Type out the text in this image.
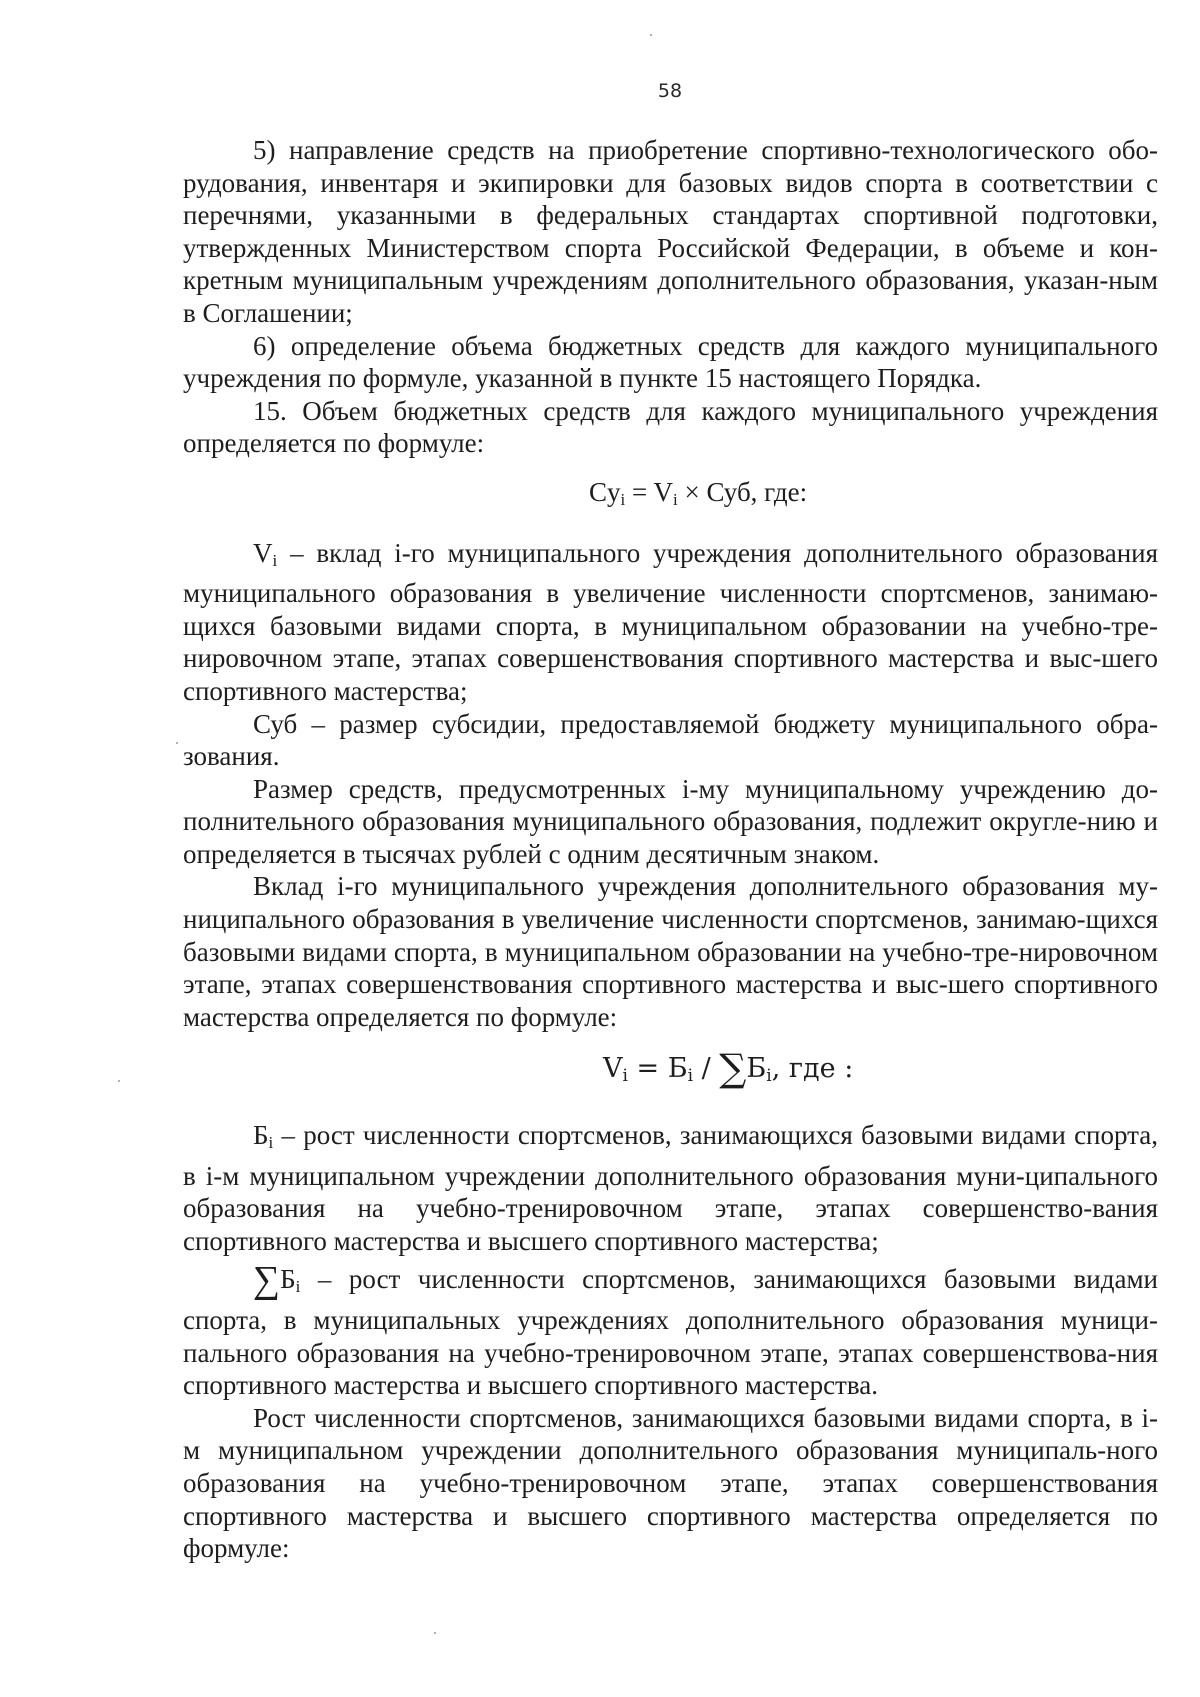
58

5) направление средств на приобретение спортивно-технологического обо-рудования, инвентаря и экипировки для базовых видов спорта в соответствии с перечнями, указанными в федеральных стандартах спортивной подготовки, утвержденных Министерством спорта Российской Федерации, в объеме и кон-кретным муниципальным учреждениям дополнительного образования, указан-ным в Соглашении;

6) определение объема бюджетных средств для каждого муниципального учреждения по формуле, указанной в пункте 15 настоящего Порядка.

15. Объем бюджетных средств для каждого муниципального учреждения определяется по формуле:

$Cy_i = V_i$ × Суб, где:

$V_i$ – вклад i-го муниципального учреждения дополнительного образования муниципального образования в увеличение численности спортсменов, занимаю-щихся базовыми видами спорта, в муниципальном образовании на учебно-тре-нировочном этапе, этапах совершенствования спортивного мастерства и выс-шего спортивного мастерства;

Суб – размер субсидии, предоставляемой бюджету муниципального обра-зования.

Размер средств, предусмотренных i-му муниципальному учреждению до-полнительного образования муниципального образования, подлежит округле-нию и определяется в тысячах рублей с одним десятичным знаком.

Вклад i-го муниципального учреждения дополнительного образования му-ниципального образования в увеличение численности спортсменов, занимаю-щихся базовыми видами спорта, в муниципальном образовании на учебно-тре-нировочном этапе, этапах совершенствования спортивного мастерства и выс-шего спортивного мастерства определяется по формуле:

$V_i = Б_i / \sum Б_i$, где :

$Б_i$ – рост численности спортсменов, занимающихся базовыми видами спорта, в i-м муниципальном учреждении дополнительного образования муни-ципального образования на учебно-тренировочном этапе, этапах совершенство-вания спортивного мастерства и высшего спортивного мастерства;

$\sum Б_i$ – рост численности спортсменов, занимающихся базовыми видами спорта, в муниципальных учреждениях дополнительного образования муници-пального образования на учебно-тренировочном этапе, этапах совершенствова-ния спортивного мастерства и высшего спортивного мастерства.

Рост численности спортсменов, занимающихся базовыми видами спорта, в i-м муниципальном учреждении дополнительного образования муниципаль-ного образования на учебно-тренировочном этапе, этапах совершенствования спортивного мастерства и высшего спортивного мастерства определяется по формуле:
